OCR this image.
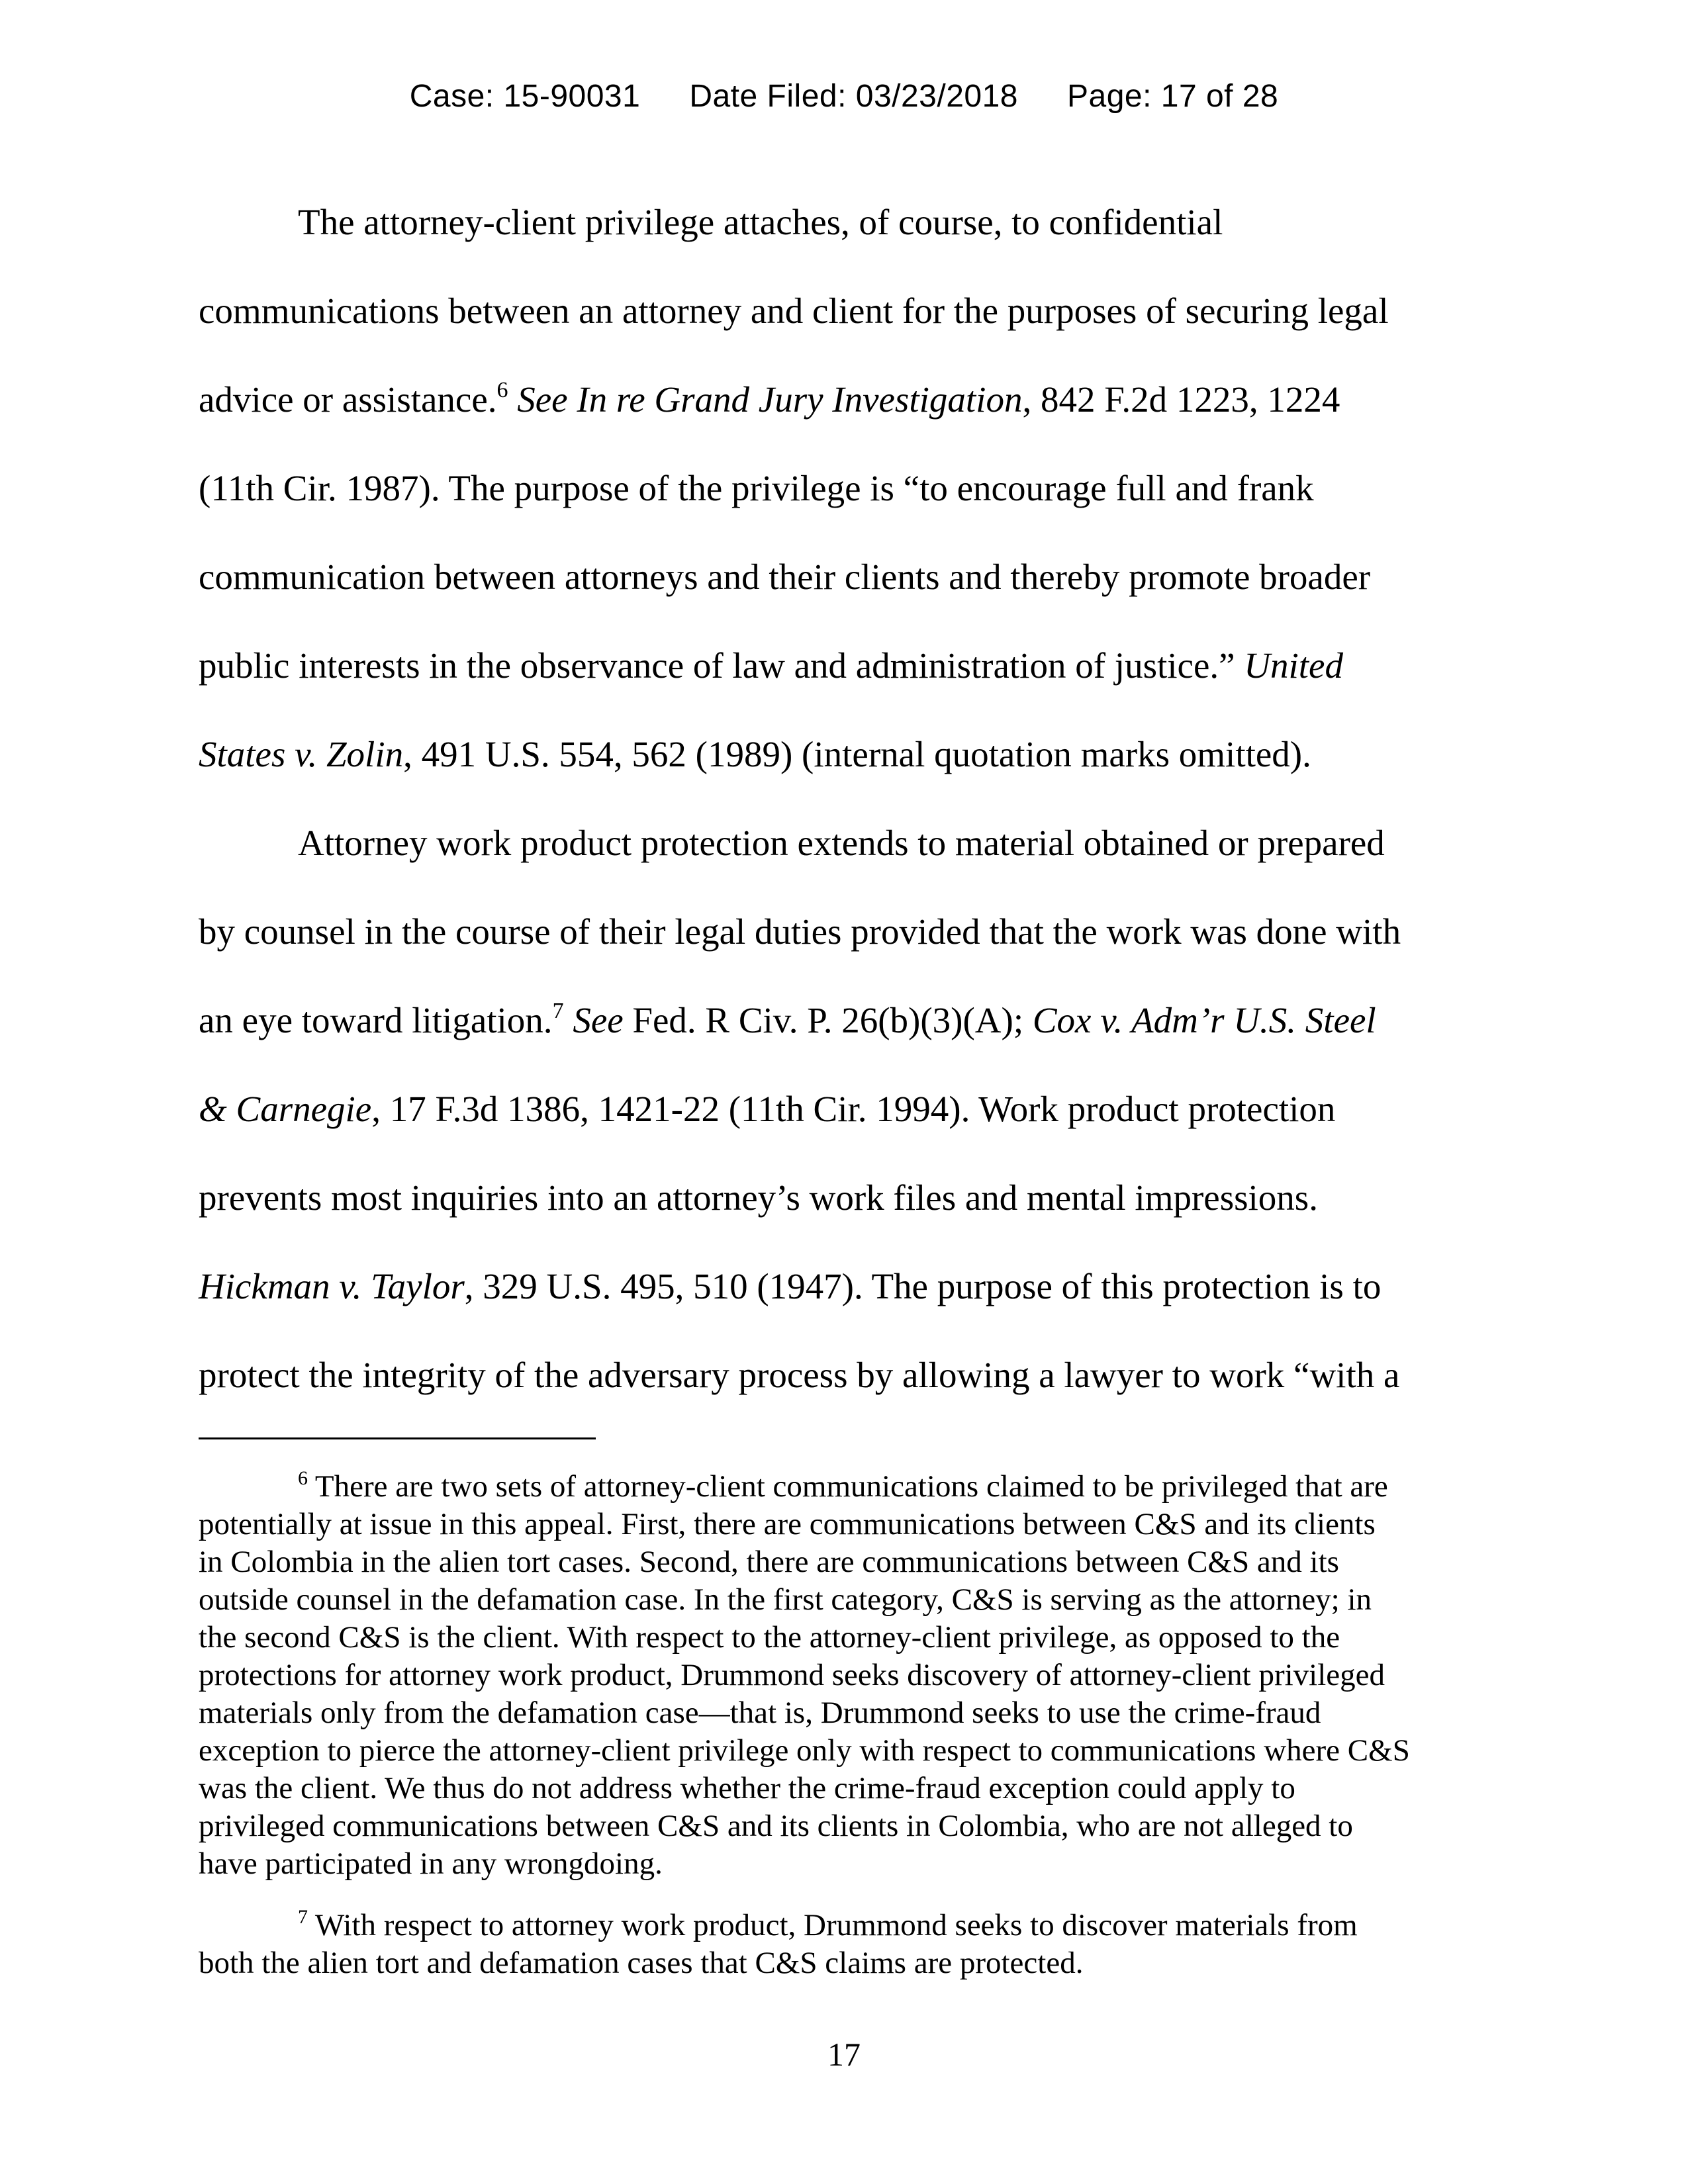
Case: 15-90031 Date Filed: 03/23/2018 Page: 17 of 28
The attorney-client privilege attaches, of course, to confidential
communications between an attorney and client for the purposes of securing legal
advice or assistance.$^6$ See In re Grand Jury Investigation, 842 F.2d 1223, 1224
(11th Cir. 1987). The purpose of the privilege is “to encourage full and frank
communication between attorneys and their clients and thereby promote broader
public interests in the observance of law and administration of justice.” United
States v. Zolin, 491 U.S. 554, 562 (1989) (internal quotation marks omitted).
Attorney work product protection extends to material obtained or prepared
by counsel in the course of their legal duties provided that the work was done with
an eye toward litigation.$^7$ See Fed. R Civ. P. 26(b)(3)(A); Cox v. Adm’r U.S. Steel
& Carnegie, 17 F.3d 1386, 1421-22 (11th Cir. 1994). Work product protection
prevents most inquiries into an attorney’s work files and mental impressions.
Hickman v. Taylor, 329 U.S. 495, 510 (1947). The purpose of this protection is to
protect the integrity of the adversary process by allowing a lawyer to work “with a
$^6$ There are two sets of attorney-client communications claimed to be privileged that are
potentially at issue in this appeal. First, there are communications between C&S and its clients
in Colombia in the alien tort cases. Second, there are communications between C&S and its
outside counsel in the defamation case. In the first category, C&S is serving as the attorney; in
the second C&S is the client. With respect to the attorney-client privilege, as opposed to the
protections for attorney work product, Drummond seeks discovery of attorney-client privileged
materials only from the defamation case—that is, Drummond seeks to use the crime-fraud
exception to pierce the attorney-client privilege only with respect to communications where C&S
was the client. We thus do not address whether the crime-fraud exception could apply to
privileged communications between C&S and its clients in Colombia, who are not alleged to
have participated in any wrongdoing.
$^7$ With respect to attorney work product, Drummond seeks to discover materials from
both the alien tort and defamation cases that C&S claims are protected.
17
